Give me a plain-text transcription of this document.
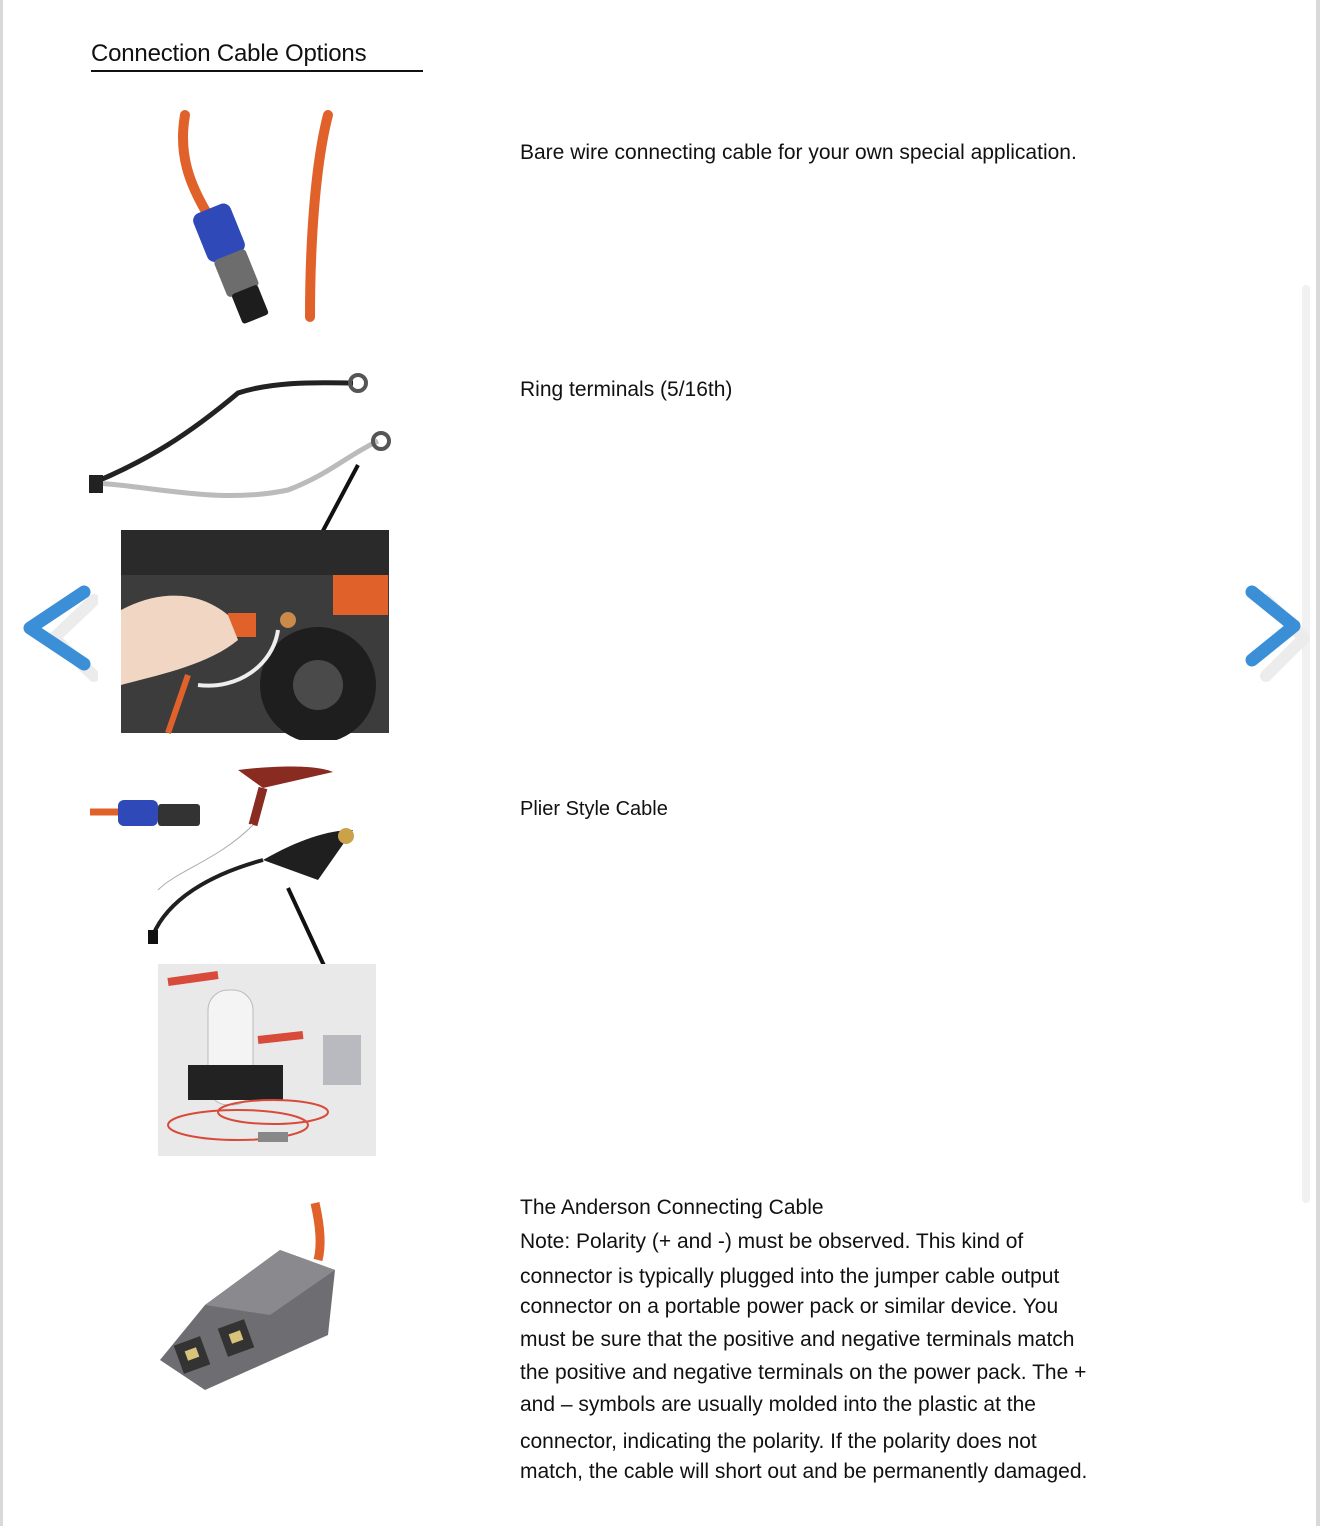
Connection Cable Options
Bare wire connecting cable for your own special application.
Ring terminals (5/16th)
Plier Style Cable
The Anderson Connecting Cable
Note: Polarity (+ and -) must be observed. This kind of
connector is typically plugged into the jumper cable output
connector on a portable power pack or similar device. You
must be sure that the positive and negative terminals match
the positive and negative terminals on the power pack. The +
and – symbols are usually molded into the plastic at the
connector, indicating the polarity. If the polarity does not
match, the cable will short out and be permanently damaged.
